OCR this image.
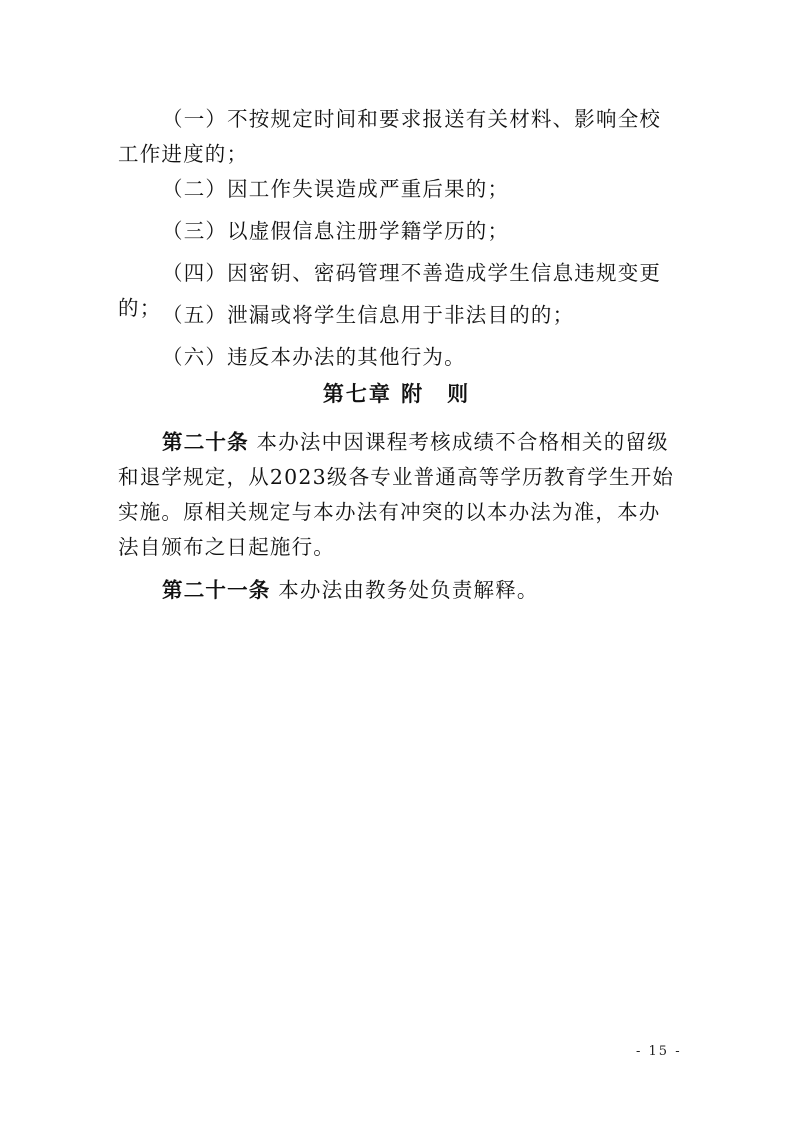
（一）不按规定时间和要求报送有关材料、影响全校工作进度的；

（二）因工作失误造成严重后果的；

（三）以虚假信息注册学籍学历的；

（四）因密钥、密码管理不善造成学生信息违规变更的； （五）泄漏或将学生信息用于非法目的的；

（六）违反本办法的其他行为。

第七章 附　则

第二十条 本办法中因课程考核成绩不合格相关的留级和退学规定，从2023级各专业普通高等学历教育学生开始实施。原相关规定与本办法有冲突的以本办法为准，本办法自颁布之日起施行。

第二十一条 本办法由教务处负责解释。

- 15 -
